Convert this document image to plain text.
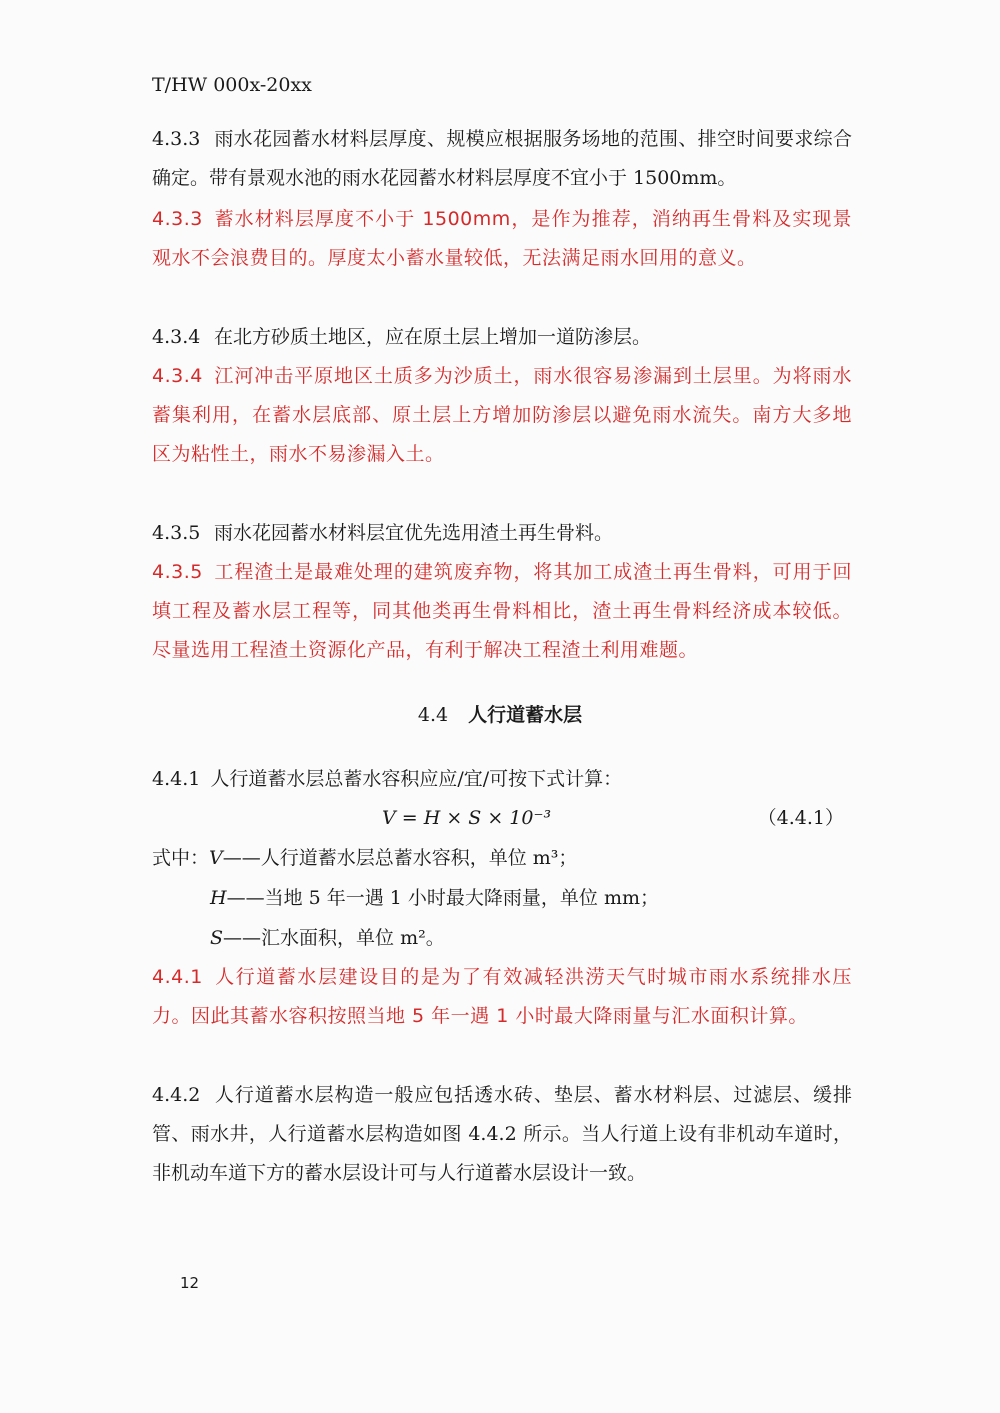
T/HW 000x-20xx
4.3.3 雨水花园蓄水材料层厚度、规模应根据服务场地的范围、排空时间要求综合确定。带有景观水池的雨水花园蓄水材料层厚度不宜小于 1500mm。
4.3.3 蓄水材料层厚度不小于 1500mm，是作为推荐，消纳再生骨料及实现景观水不会浪费目的。厚度太小蓄水量较低，无法满足雨水回用的意义。
4.3.4 在北方砂质土地区，应在原土层上增加一道防渗层。
4.3.4 江河冲击平原地区土质多为沙质土，雨水很容易渗漏到土层里。为将雨水蓄集利用，在蓄水层底部、原土层上方增加防渗层以避免雨水流失。南方大多地区为粘性土，雨水不易渗漏入土。
4.3.5 雨水花园蓄水材料层宜优先选用渣土再生骨料。
4.3.5 工程渣土是最难处理的建筑废弃物，将其加工成渣土再生骨料，可用于回填工程及蓄水层工程等，同其他类再生骨料相比，渣土再生骨料经济成本较低。尽量选用工程渣土资源化产品，有利于解决工程渣土利用难题。
4.4 人行道蓄水层
4.4.1 人行道蓄水层总蓄水容积应应/宜/可按下式计算：
V = H × S × 10⁻³	（4.4.1）
式中：V——人行道蓄水层总蓄水容积，单位 m³；
H——当地 5 年一遇 1 小时最大降雨量，单位 mm；
S——汇水面积，单位 m²。
4.4.1 人行道蓄水层建设目的是为了有效减轻洪涝天气时城市雨水系统排水压力。因此其蓄水容积按照当地 5 年一遇 1 小时最大降雨量与汇水面积计算。
4.4.2 人行道蓄水层构造一般应包括透水砖、垫层、蓄水材料层、过滤层、缓排管、雨水井，人行道蓄水层构造如图 4.4.2 所示。当人行道上设有非机动车道时，非机动车道下方的蓄水层设计可与人行道蓄水层设计一致。
12
